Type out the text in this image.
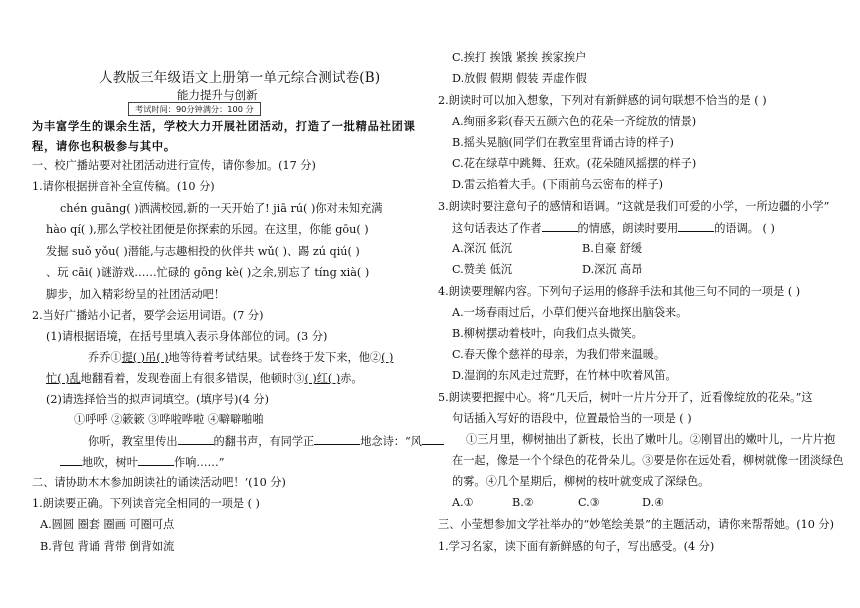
人教版三年级语文上册第一单元综合测试卷(B)
能力提升与创新
考试时间：90分钟满分：100 分
为丰富学生的课余生活，学校大力开展社团活动，打造了一批精品社团课
程，请你也积极参与其中。
一、校广播站要对社团活动进行宣传，请你参加。(17 分)
1.请你根据拼音补全宣传稿。(10 分)
chén guāng( )洒满校园,新的一天开始了! jiā rú( )你对未知充满
hào qí( ),那么学校社团便是你探索的乐园。在这里，你能 gōu( )
发掘 suǒ yǒu( )潜能,与志趣相投的伙伴共 wǔ( )、踢 zú qiú( )
、玩 cāi( )谜游戏……忙碌的 gōng kè( )之余,别忘了 tíng xià( )
脚步，加入精彩纷呈的社团活动吧！
2.当好广播站小记者，要学会运用词语。(7 分)
(1)请根据语境，在括号里填入表示身体部位的词。(3 分)
乔乔①提( )吊( )地等待着考试结果。试卷终于发下来，他②( )
忙( )乱地翻看着，发现卷面上有很多错误，他顿时③( )红( )赤。
(2)请选择恰当的拟声词填空。(填序号)(4 分)
①呼呼 ②簌簌 ③哗啦哗啦 ④噼噼啪啪
你听，教室里传出	的翻书声，有同学正	地念诗：“风
地吹，树叶	作响……”
二、请协助木木参加朗读社的诵读活动吧！‘(10 分)
1.朗读要正确。下列读音完全相同的一项是 ( )
A.圆圆 圈套 圈画 可圈可点
B.背包 背诵 背带 倒背如流
C.挨打 挨饿 紧挨 挨家挨户
D.放假 假期 假装 弄虚作假
2.朗读时可以加入想象，下列对有新鲜感的词句联想不恰当的是 ( )
A.绚丽多彩(春天五颜六色的花朵一齐绽放的情景)
B.摇头晃脑(同学们在教室里背诵古诗的样子)
C.花在绿草中跳舞、狂欢。(花朵随风摇摆的样子)
D.雷云掐着大手。(下雨前乌云密布的样子)
3.朗读时要注意句子的感情和语调。“这就是我们可爱的小学，一所边疆的小学”
这句话表达了作者	的情感，朗读时要用	的语调。 ( )
A.深沉 低沉	B.自豪 舒缓
C.赞美 低沉	D.深沉 高昂
4.朗读要理解内容。下列句子运用的修辞手法和其他三句不同的一项是 ( )
A.一场春雨过后，小草们便兴奋地探出脑袋来。
B.柳树摆动着枝叶，向我们点头微笑。
C.春天像个慈祥的母亲，为我们带来温暖。
D.湿润的东风走过荒野，在竹林中吹着风笛。
5.朗读要把握中心。将“几天后，树叶一片片分开了，近看像绽放的花朵。”这
句话插入写好的语段中，位置最恰当的一项是 ( )
①三月里，柳树抽出了新枝，长出了嫩叶儿。②刚冒出的嫩叶儿，一片片抱
在一起，像是一个个绿色的花骨朵儿。③要是你在远处看，柳树就像一团淡绿色
的雾。④几个星期后，柳树的枝叶就变成了深绿色。
A.①	B.②	C.③	D.④
三、小莹想参加文学社举办的“妙笔绘美景”的主题活动，请你来帮帮她。(10 分)
1.学习名家，读下面有新鲜感的句子，写出感受。(4 分)
